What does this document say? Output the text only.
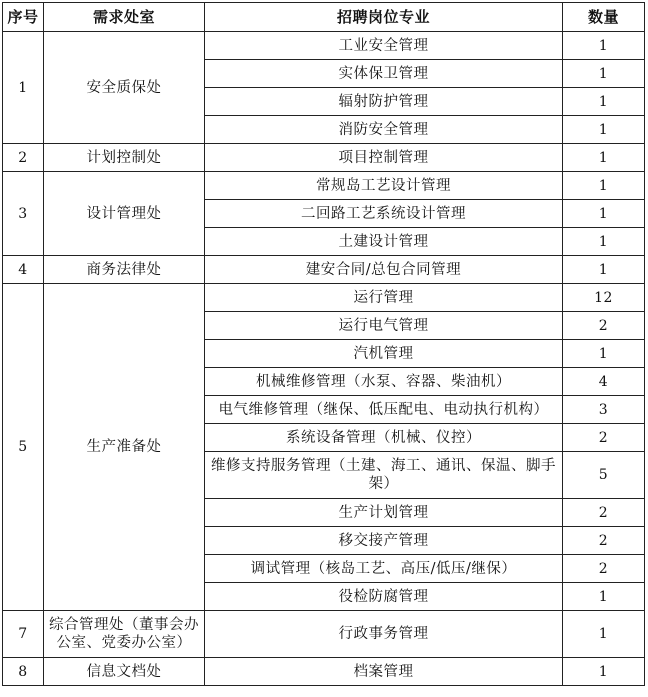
序号	需求处室	招聘岗位专业	数量
1	安全质保处	工业安全管理	1
		实体保卫管理	1
		辐射防护管理	1
		消防安全管理	1
2	计划控制处	项目控制管理	1
3	设计管理处	常规岛工艺设计管理	1
		二回路工艺系统设计管理	1
		土建设计管理	1
4	商务法律处	建安合同/总包合同管理	1
5	生产准备处	运行管理	12
		运行电气管理	2
		汽机管理	1
		机械维修管理（水泵、容器、柴油机）	4
		电气维修管理（继保、低压配电、电动执行机构）	3
		系统设备管理（机械、仪控）	2
		维修支持服务管理（土建、海工、通讯、保温、脚手架）	5
		生产计划管理	2
		移交接产管理	2
		调试管理（核岛工艺、高压/低压/继保）	2
		役检防腐管理	1
7	综合管理处（董事会办公室、党委办公室）	行政事务管理	1
8	信息文档处	档案管理	1
